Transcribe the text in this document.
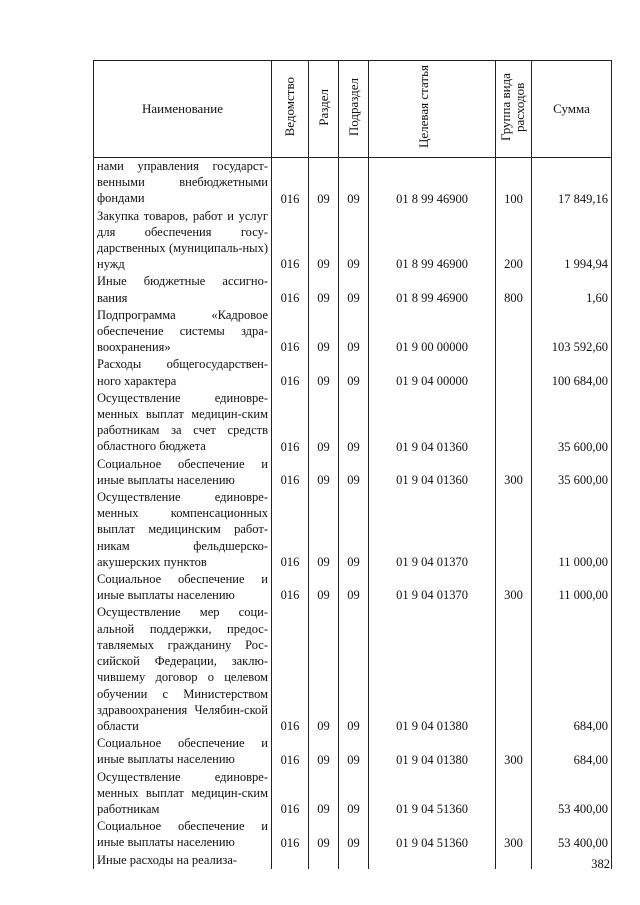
Наименование	Ведомство	Раздел	Подраздел	Целевая статья	Группа вида расходов	Сумма
нами управления государст-венными внебюджетными фондами	016	09	09	01 8 99 46900	100	17 849,16
Закупка товаров, работ и услуг для обеспечения госу-дарственных (муниципаль-ных) нужд	016	09	09	01 8 99 46900	200	1 994,94
Иные бюджетные ассигно-вания	016	09	09	01 8 99 46900	800	1,60
Подпрограмма «Кадровое обеспечение системы здра-воохранения»	016	09	09	01 9 00 00000		103 592,60
Расходы общегосударствен-ного характера	016	09	09	01 9 04 00000		100 684,00
Осуществление единовре-менных выплат медицин-ским работникам за счет средств областного бюджета	016	09	09	01 9 04 01360		35 600,00
Социальное обеспечение и иные выплаты населению	016	09	09	01 9 04 01360	300	35 600,00
Осуществление единовре-менных компенсационных выплат медицинским работ-никам фельдшерско-акушерских пунктов	016	09	09	01 9 04 01370		11 000,00
Социальное обеспечение и иные выплаты населению	016	09	09	01 9 04 01370	300	11 000,00
Осуществление мер соци-альной поддержки, предос-тавляемых гражданину Рос-сийской Федерации, заклю-чившему договор о целевом обучении с Министерством здравоохранения Челябин-ской области	016	09	09	01 9 04 01380		684,00
Социальное обеспечение и иные выплаты населению	016	09	09	01 9 04 01380	300	684,00
Осуществление единовре-менных выплат медицин-ским работникам	016	09	09	01 9 04 51360		53 400,00
Социальное обеспечение и иные выплаты населению	016	09	09	01 9 04 51360	300	53 400,00
Иные расходы на реализа-							382
